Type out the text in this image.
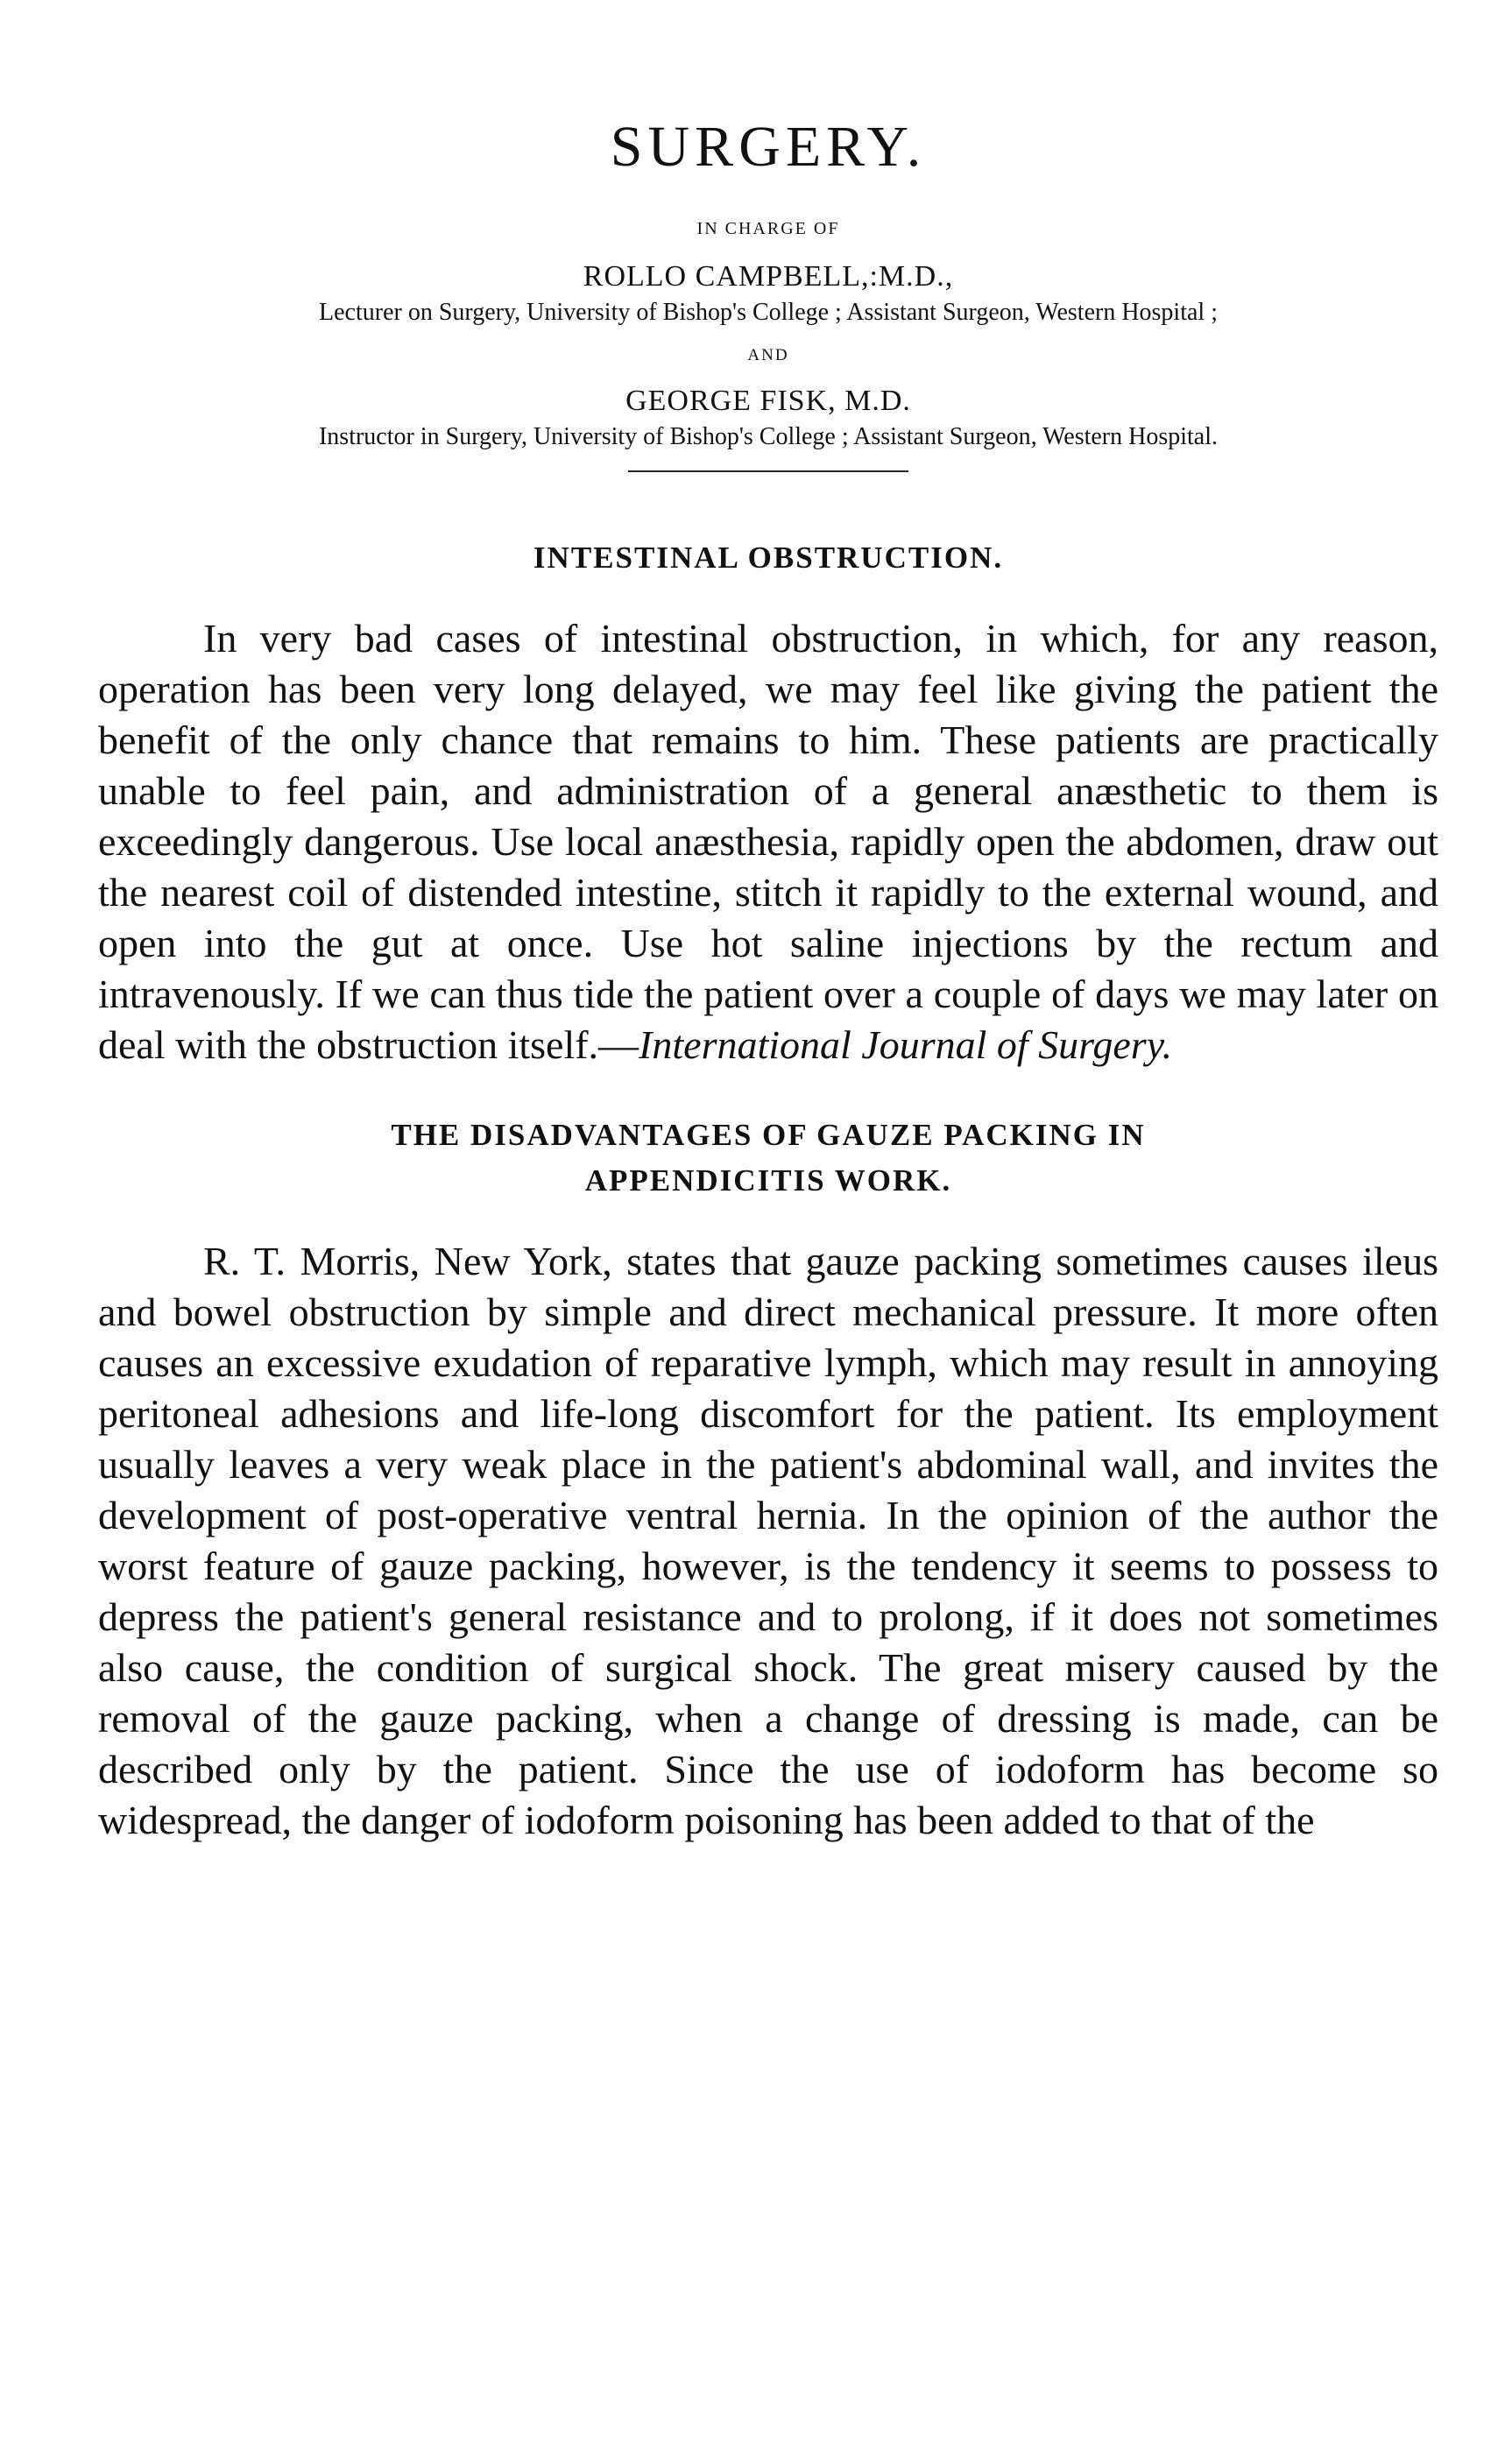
SURGERY.
IN CHARGE OF
ROLLO CAMPBELL,:M.D.,
Lecturer on Surgery, University of Bishop's College ; Assistant Surgeon, Western Hospital ;
AND
GEORGE FISK, M.D.
Instructor in Surgery, University of Bishop's College ; Assistant Surgeon, Western Hospital.
INTESTINAL OBSTRUCTION.

In very bad cases of intestinal obstruction, in which, for any reason, operation has been very long delayed, we may feel like giving the patient the benefit of the only chance that remains to him. These patients are practically unable to feel pain, and administration of a general anæsthetic to them is exceedingly dangerous. Use local anæsthesia, rapidly open the abdomen, draw out the nearest coil of distended intestine, stitch it rapidly to the external wound, and open into the gut at once. Use hot saline injections by the rectum and intravenously. If we can thus tide the patient over a couple of days we may later on deal with the obstruction itself.—International Journal of Surgery.

THE DISADVANTAGES OF GAUZE PACKING IN
APPENDICITIS WORK.

R. T. Morris, New York, states that gauze packing sometimes causes ileus and bowel obstruction by simple and direct mechanical pressure. It more often causes an excessive exudation of reparative lymph, which may result in annoying peritoneal adhesions and life-long discomfort for the patient. Its employment usually leaves a very weak place in the patient's abdominal wall, and invites the development of post-operative ventral hernia. In the opinion of the author the worst feature of gauze packing, however, is the tendency it seems to possess to depress the patient's general resistance and to prolong, if it does not sometimes also cause, the condition of surgical shock. The great misery caused by the removal of the gauze packing, when a change of dressing is made, can be described only by the patient. Since the use of iodoform has become so widespread, the danger of iodoform poisoning has been added to that of the
